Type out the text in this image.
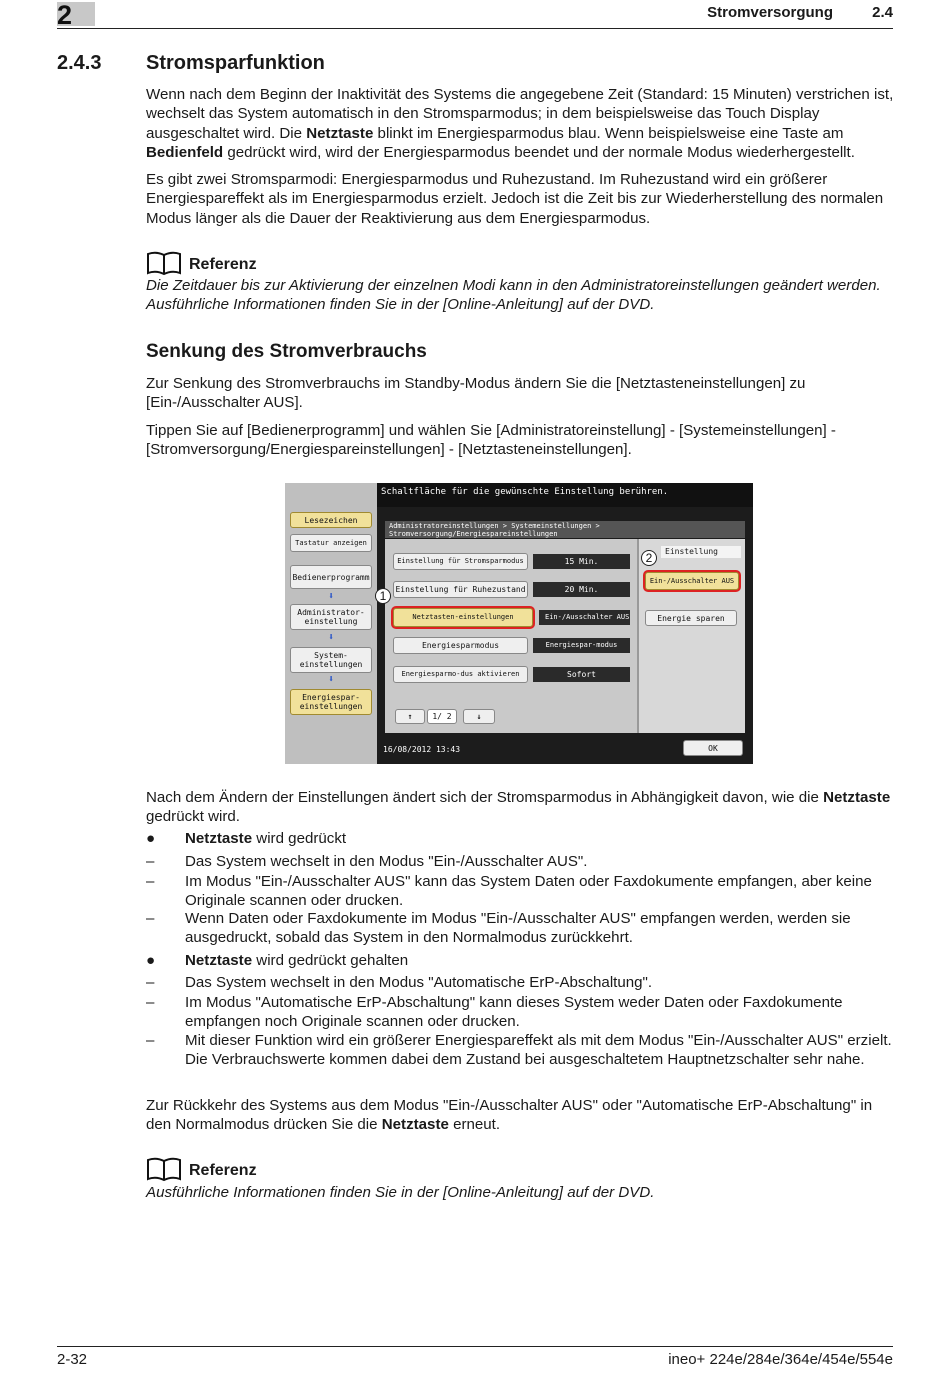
2	Stromversorgung	2.4
2.4.3 Stromsparfunktion
Wenn nach dem Beginn der Inaktivität des Systems die angegebene Zeit (Standard: 15 Minuten) verstrichen ist, wechselt das System automatisch in den Stromsparmodus; in dem beispielsweise das Touch Display ausgeschaltet wird. Die Netztaste blinkt im Energiesparmodus blau. Wenn beispielsweise eine Taste am Bedienfeld gedrückt wird, wird der Energiesparmodus beendet und der normale Modus wiederhergestellt.
Es gibt zwei Stromsparmodi: Energiesparmodus und Ruhezustand. Im Ruhezustand wird ein größerer Energiespareffekt als im Energiesparmodus erzielt. Jedoch ist die Zeit bis zur Wiederherstellung des normalen Modus länger als die Dauer der Reaktivierung aus dem Energiesparmodus.
Referenz
Die Zeitdauer bis zur Aktivierung der einzelnen Modi kann in den Administratoreinstellungen geändert werden. Ausführliche Informationen finden Sie in der [Online-Anleitung] auf der DVD.
Senkung des Stromverbrauchs
Zur Senkung des Stromverbrauchs im Standby-Modus ändern Sie die [Netztasteneinstellungen] zu [Ein-/Ausschalter AUS].
Tippen Sie auf [Bedienerprogramm] und wählen Sie [Administratoreinstellung] - [Systemeinstellungen] - [Stromversorgung/Energiespareinstellungen] - [Netztasteneinstellungen].
Schaltfläche für die gewünschte Einstellung berühren.
Lesezeichen
Tastatur anzeigen
Bedienerprogramm
⬇
Administrator-einstellung
⬇
System-einstellungen
⬇
Energiespar-einstellungen
Administratoreinstellungen > Systemeinstellungen > Stromversorgung/Energiespareinstellungen
Einstellung für Stromsparmodus	15 Min.
Einstellung für Ruhezustand	20 Min.
Netztasten-einstellungen	Ein-/Ausschalter AUS
Energiesparmodus	Energiespar-modus
Energiesparmo-dus aktivieren	Sofort
↑	1/ 2	↓
Einstellung
Ein-/Ausschalter AUS
Energie sparen
1
2
16/08/2012 13:43	OK
Nach dem Ändern der Einstellungen ändert sich der Stromsparmodus in Abhängigkeit davon, wie die Netztaste gedrückt wird.
●	Netztaste wird gedrückt
–	Das System wechselt in den Modus "Ein-/Ausschalter AUS".
–	Im Modus "Ein-/Ausschalter AUS" kann das System Daten oder Faxdokumente empfangen, aber keine Originale scannen oder drucken.
–	Wenn Daten oder Faxdokumente im Modus "Ein-/Ausschalter AUS" empfangen werden, werden sie ausgedruckt, sobald das System in den Normalmodus zurückkehrt.
●	Netztaste wird gedrückt gehalten
–	Das System wechselt in den Modus "Automatische ErP-Abschaltung".
–	Im Modus "Automatische ErP-Abschaltung" kann dieses System weder Daten oder Faxdokumente empfangen noch Originale scannen oder drucken.
–	Mit dieser Funktion wird ein größerer Energiespareffekt als mit dem Modus "Ein-/Ausschalter AUS" erzielt. Die Verbrauchswerte kommen dabei dem Zustand bei ausgeschaltetem Hauptnetzschalter sehr nahe.
Zur Rückkehr des Systems aus dem Modus "Ein-/Ausschalter AUS" oder "Automatische ErP-Abschaltung" in den Normalmodus drücken Sie die Netztaste erneut.
Referenz
Ausführliche Informationen finden Sie in der [Online-Anleitung] auf der DVD.
2-32	ineo+ 224e/284e/364e/454e/554e
